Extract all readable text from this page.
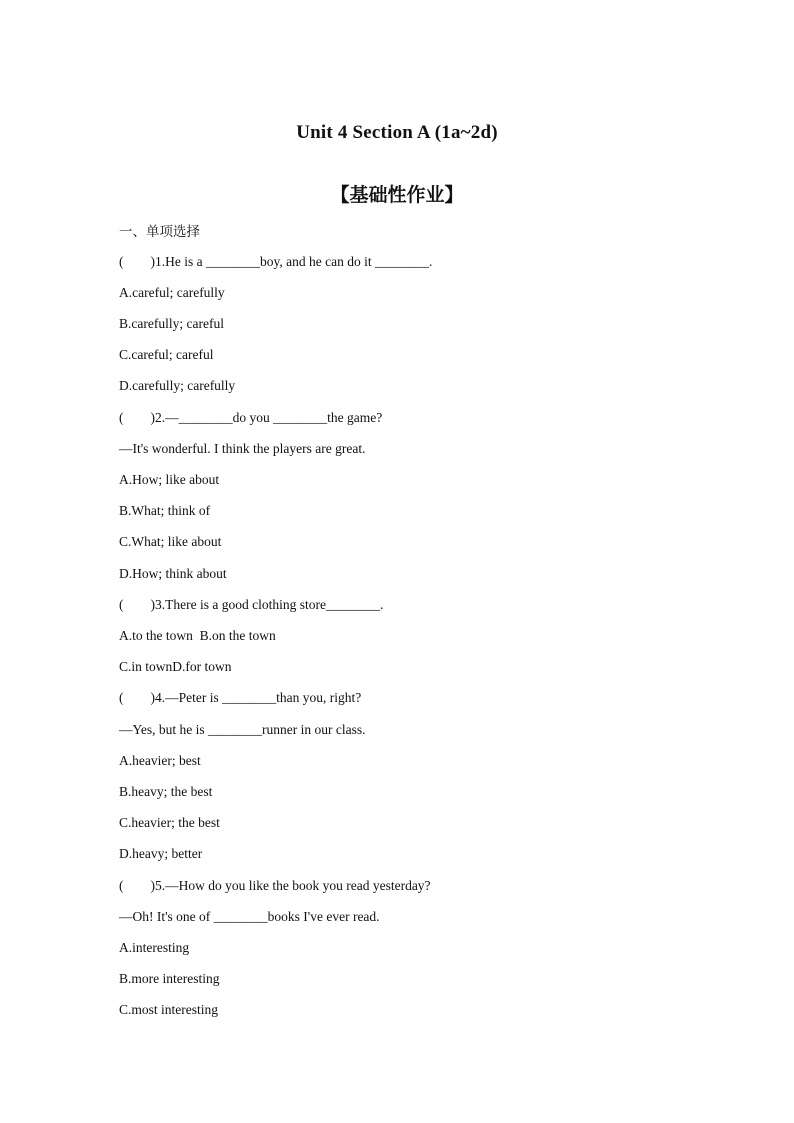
Unit 4 Section A (1a~2d)
【基础性作业】
一、单项选择
(        )1.He is a ________boy, and he can do it ________.
A.careful; carefully
B.carefully; careful
C.careful; careful
D.carefully; carefully
(        )2.—________do you ________the game?
—It's wonderful. I think the players are great.
A.How; like about
B.What; think of
C.What; like about
D.How; think about
(        )3.There is a good clothing store________.
A.to the town  B.on the town
C.in townD.for town
(        )4.—Peter is ________than you, right?
—Yes, but he is ________runner in our class.
A.heavier; best
B.heavy; the best
C.heavier; the best
D.heavy; better
(        )5.—How do you like the book you read yesterday?
—Oh! It's one of ________books I've ever read.
A.interesting
B.more interesting
C.most interesting
